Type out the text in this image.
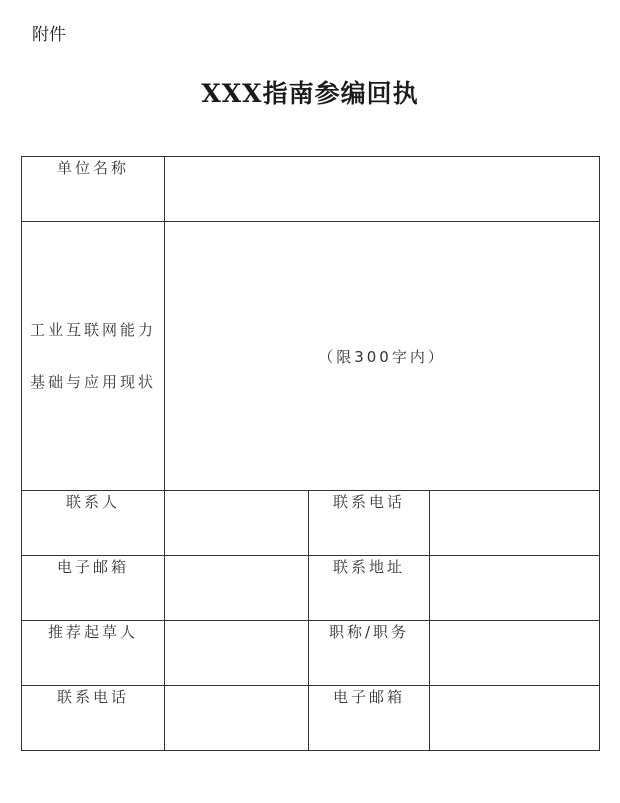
附件
XXX指南参编回执
单位名称			

工业互联网能力
基础与应用现状	（限300字内）		
联系人		联系电话	
电子邮箱		联系地址	
推荐起草人		职称/职务	
联系电话		电子邮箱	
